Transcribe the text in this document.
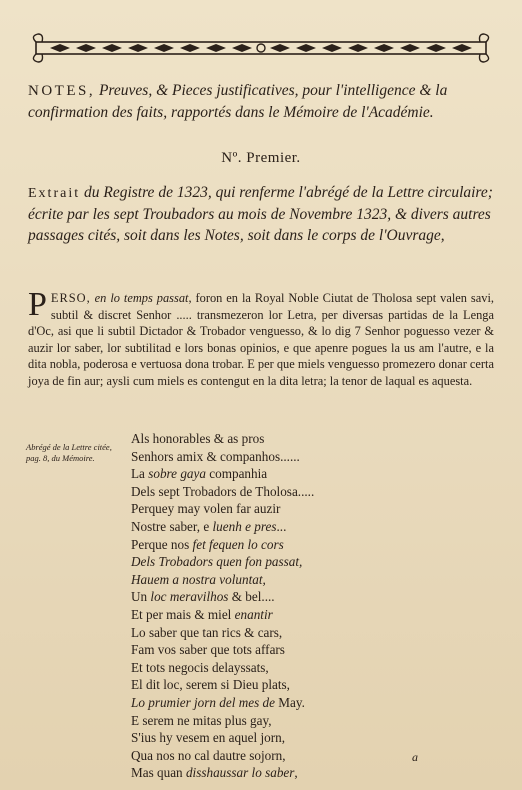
NOTES, Preuves, & Pieces justificatives, pour l'intelligence & la confirmation des faits, rapportés dans le Mémoire de l'Académie.
Nº. Premier.
Extrait du Registre de 1323, qui renferme l'abrégé de la Lettre circulaire; écrite par les sept Troubadors au mois de Novembre 1323, & divers autres passages cités, soit dans les Notes, soit dans le corps de l'Ouvrage,
PERSO, en lo temps passat, foron en la Royal Noble Ciutat de Tholosa sept valen savi, subtil & discret Senhor ..... transmezeron lor Letra, per diversas partidas de la Lenga d'Oc, asi que li subtil Dictador & Trobador venguesso, & lo dig 7 Senhor poguesso vezer & auzir lor saber, lor subtilitad e lors bonas opinios, e que apenre pogues la us am l'autre, e la dita nobla, poderosa e vertuosa dona trobar. E per que miels venguesso promezero donar certa joya de fin aur; aysli cum miels es contengut en la dita letra; la tenor de laqual es aquesta.
Abrégé de la Lettre citée, pag. 8, du Mémoire.
Als honorables & as pros
Senhors amix & companhos......
La sobre gaya companhia
Dels sept Trobadors de Tholosa.....
Perquey may volen far auzir
Nostre saber, e luenh e pres...
Perque nos fet fequen lo cors
Dels Trobadors quen fon passat,
Hauem a nostra voluntat,
Un loc meravilhos & bel....
Et per mais & miel enantir
Lo saber que tan rics & cars,
Fam vos saber que tots affars
Et tots negocis delayssats,
El dit loc, serem si Dieu plats,
Lo prumier jorn del mes de May.
E serem ne mitas plus gay,
S'ius hy vesem en aquel jorn,
Qua nos no cal dautre sojorn,
Mas quan disshaussar lo saber,
a
